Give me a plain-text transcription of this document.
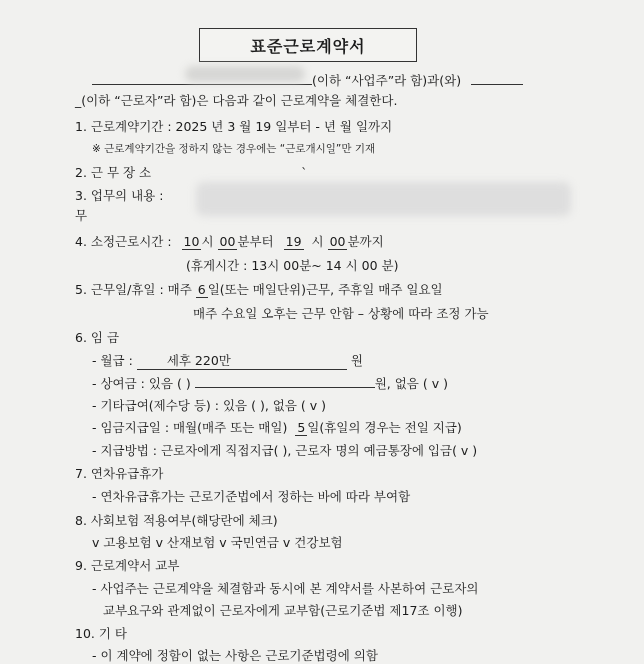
표준근로계약서
(이하 “사업주”라 함)과(와)
_(이하 “근로자”라 함)은 다음과 같이 근로계약을 체결한다.
1. 근로계약기간 : 2025 년 3 월 19 일부터 - 년 월 일까지
※ 근로계약기간을 정하지 않는 경우에는 “근로개시일”만 기재
2. 근 무 장 소	`
3. 업무의 내용 :
무
4. 소정근로시간 : 10 시 00 분부터 19 시 00 분까지
(휴게시간 : 13시 00분~ 14 시 00 분)
5. 근무일/휴일 : 매주 6 일(또는 매일단위)근무, 주휴일 매주 일요일
매주 수요일 오후는 근무 안함 – 상황에 따라 조정 가능
6. 임 금
- 월급 :	세후 220만	원
- 상여금 : 있음 ( )	원, 없음 ( v )
- 기타급여(제수당 등) : 있음 ( ), 없음 ( v )
- 임금지급일 : 매월(매주 또는 매일) 5 일(휴일의 경우는 전일 지급)
- 지급방법 : 근로자에게 직접지급( ), 근로자 명의 예금통장에 입금( v )
7. 연차유급휴가
- 연차유급휴가는 근로기준법에서 정하는 바에 따라 부여함
8. 사회보험 적용여부(해당란에 체크)
v 고용보험 v 산재보험 v 국민연금 v 건강보험
9. 근로계약서 교부
- 사업주는 근로계약을 체결함과 동시에 본 계약서를 사본하여 근로자의
교부요구와 관계없이 근로자에게 교부함(근로기준법 제17조 이행)
10. 기 타
- 이 계약에 정함이 없는 사항은 근로기준법령에 의함
